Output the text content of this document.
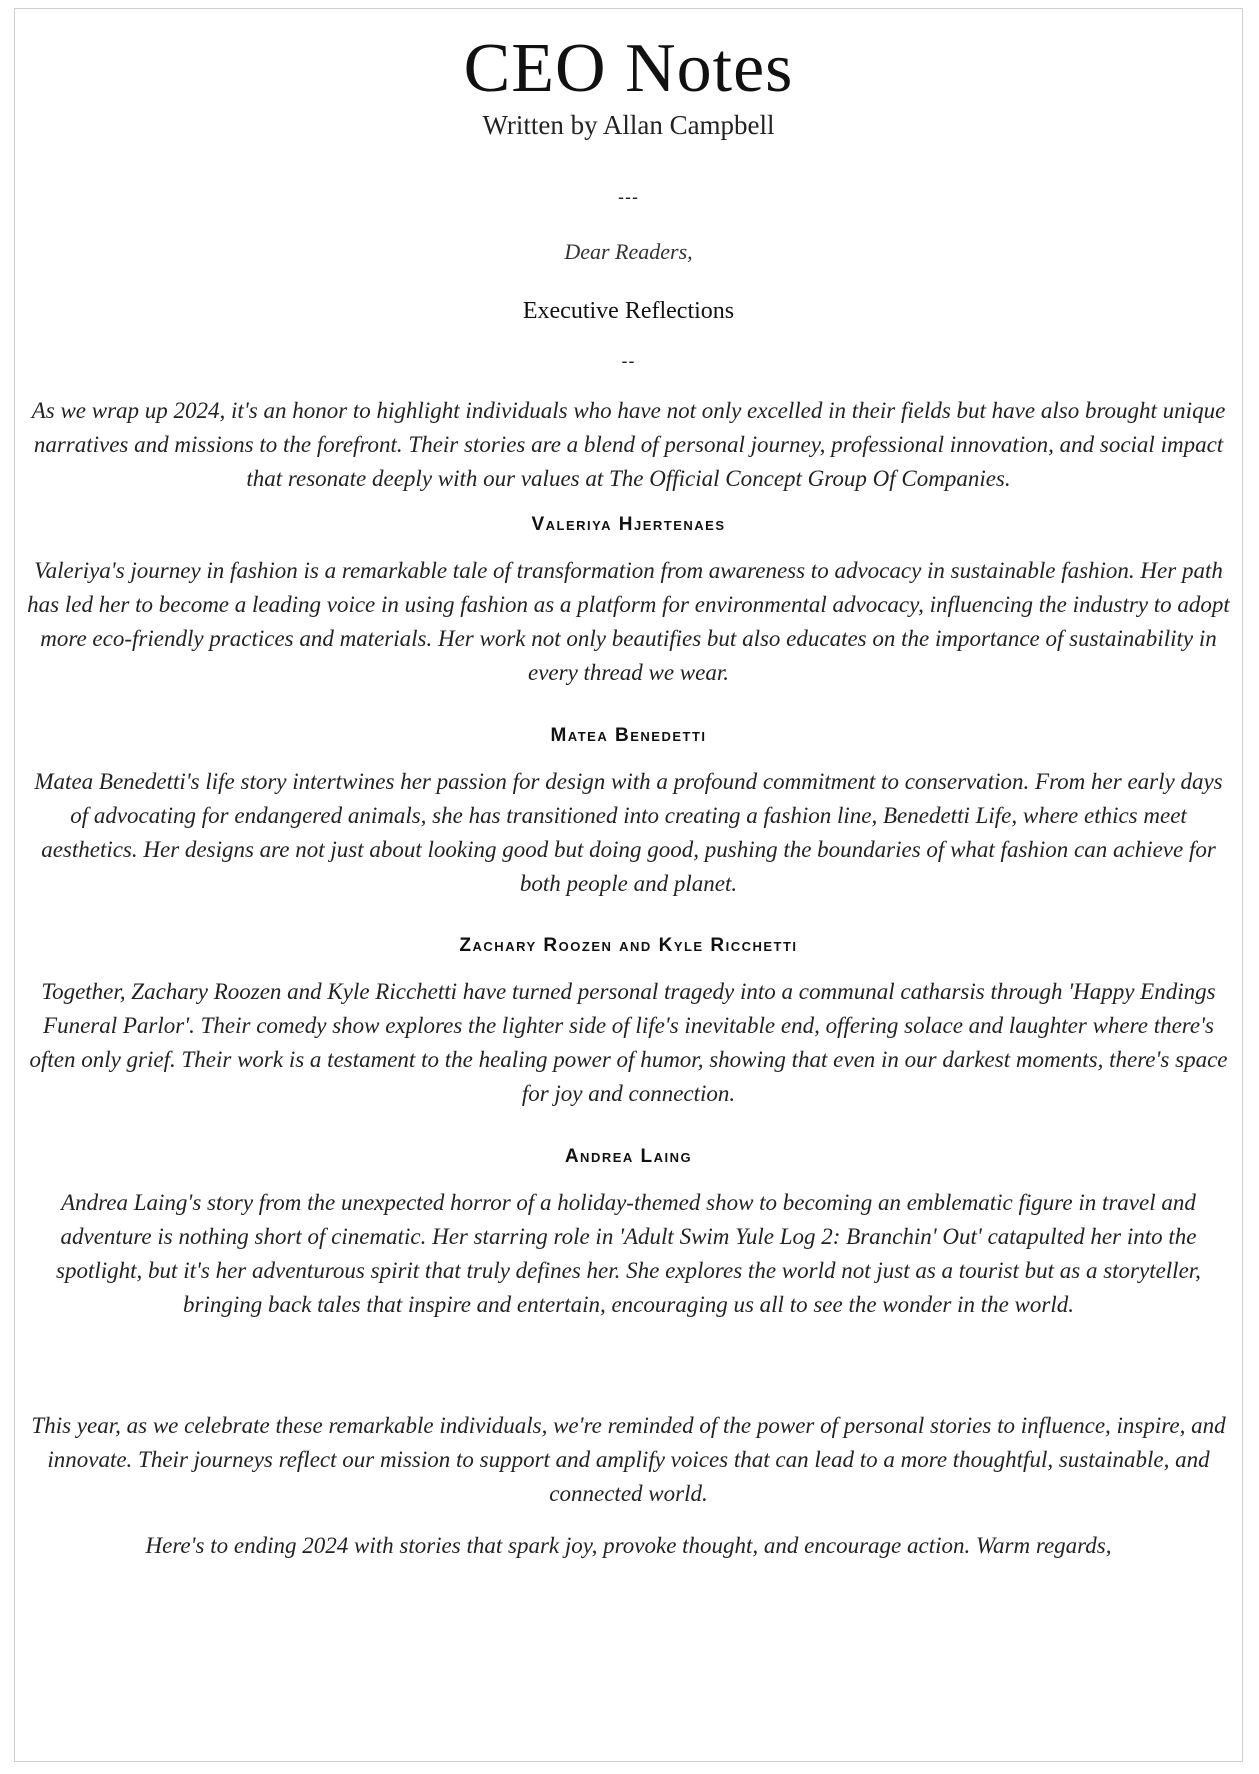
CEO Notes
Written by Allan Campbell
---
Dear Readers,
Executive Reflections
--
As we wrap up 2024, it's an honor to highlight individuals who have not only excelled in their fields but have also brought unique narratives and missions to the forefront. Their stories are a blend of personal journey, professional innovation, and social impact that resonate deeply with our values at The Official Concept Group Of Companies.
Valeriya Hjertenaes
Valeriya's journey in fashion is a remarkable tale of transformation from awareness to advocacy in sustainable fashion. Her path has led her to become a leading voice in using fashion as a platform for environmental advocacy, influencing the industry to adopt more eco-friendly practices and materials. Her work not only beautifies but also educates on the importance of sustainability in every thread we wear.
Matea Benedetti
Matea Benedetti's life story intertwines her passion for design with a profound commitment to conservation. From her early days of advocating for endangered animals, she has transitioned into creating a fashion line, Benedetti Life, where ethics meet aesthetics. Her designs are not just about looking good but doing good, pushing the boundaries of what fashion can achieve for both people and planet.
Zachary Roozen and Kyle Ricchetti
Together, Zachary Roozen and Kyle Ricchetti have turned personal tragedy into a communal catharsis through 'Happy Endings Funeral Parlor'. Their comedy show explores the lighter side of life's inevitable end, offering solace and laughter where there's often only grief. Their work is a testament to the healing power of humor, showing that even in our darkest moments, there's space for joy and connection.
Andrea Laing
Andrea Laing's story from the unexpected horror of a holiday-themed show to becoming an emblematic figure in travel and adventure is nothing short of cinematic. Her starring role in 'Adult Swim Yule Log 2: Branchin' Out' catapulted her into the spotlight, but it's her adventurous spirit that truly defines her. She explores the world not just as a tourist but as a storyteller, bringing back tales that inspire and entertain, encouraging us all to see the wonder in the world.
This year, as we celebrate these remarkable individuals, we're reminded of the power of personal stories to influence, inspire, and innovate. Their journeys reflect our mission to support and amplify voices that can lead to a more thoughtful, sustainable, and connected world.
Here's to ending 2024 with stories that spark joy, provoke thought, and encourage action. Warm regards,
